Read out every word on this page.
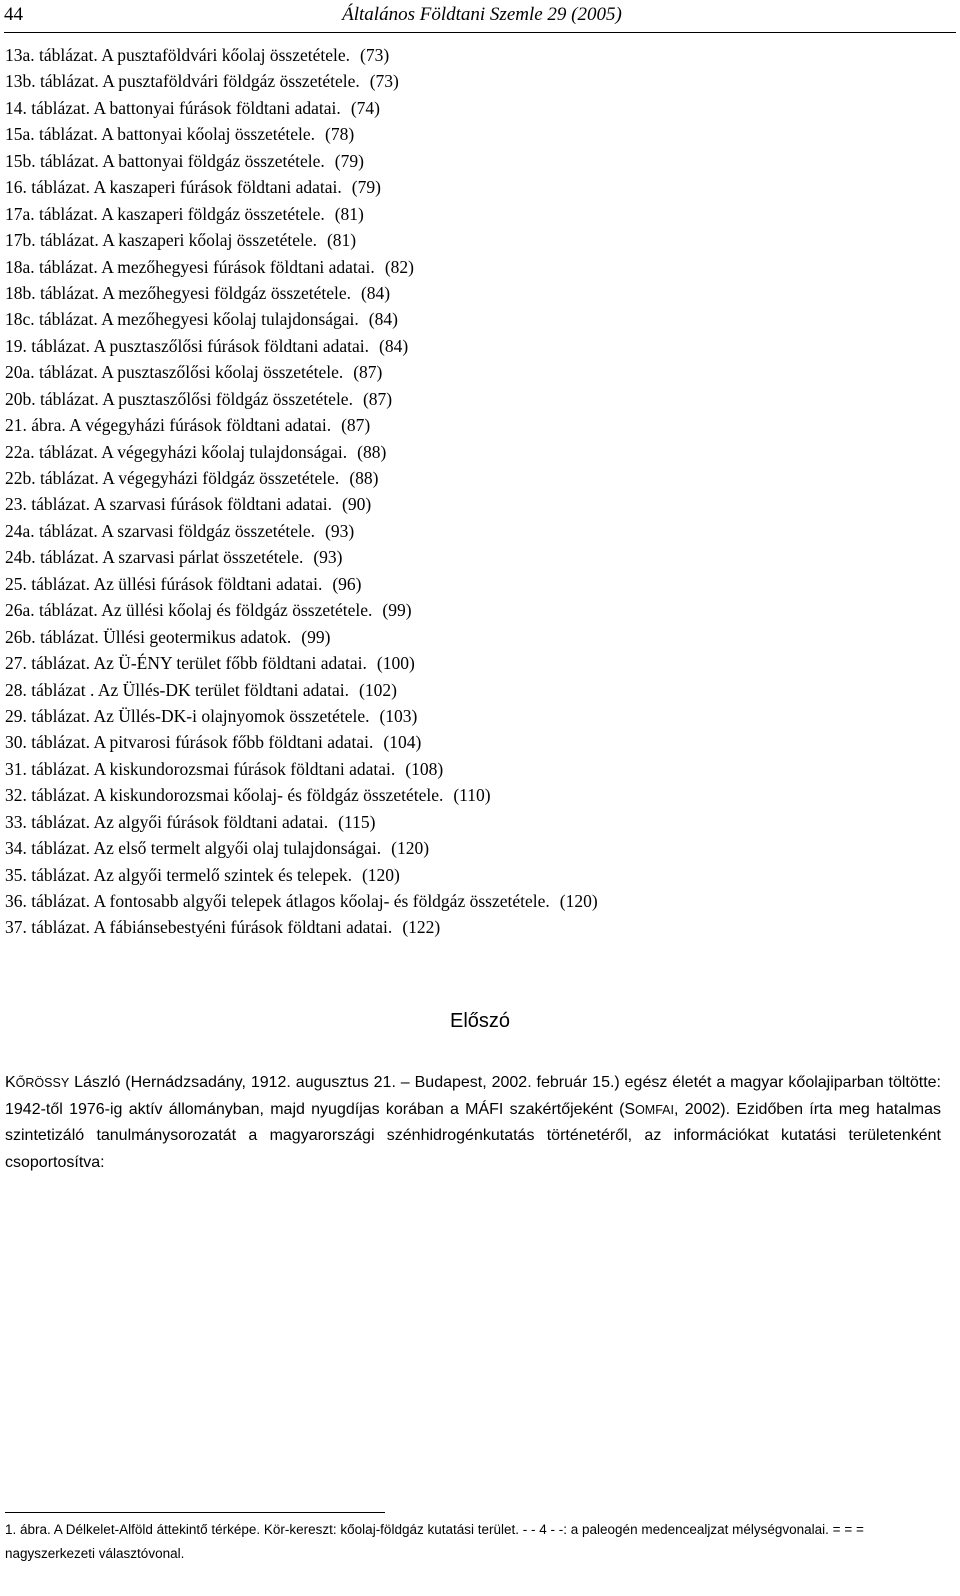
44	Általános Földtani Szemle 29 (2005)
13a. táblázat. A pusztaföldvári kőolaj összetétele. (73)
13b. táblázat. A pusztaföldvári földgáz összetétele. (73)
14. táblázat. A battonyai fúrások földtani adatai. (74)
15a. táblázat. A battonyai kőolaj összetétele. (78)
15b. táblázat. A battonyai földgáz összetétele. (79)
16. táblázat. A kaszaperi fúrások földtani adatai. (79)
17a. táblázat. A kaszaperi földgáz összetétele. (81)
17b. táblázat. A kaszaperi kőolaj összetétele. (81)
18a. táblázat. A mezőhegyesi fúrások földtani adatai. (82)
18b. táblázat. A mezőhegyesi földgáz összetétele. (84)
18c. táblázat. A mezőhegyesi kőolaj tulajdonságai. (84)
19. táblázat. A pusztaszőlősi fúrások földtani adatai. (84)
20a. táblázat. A pusztaszőlősi kőolaj összetétele. (87)
20b. táblázat. A pusztaszőlősi földgáz összetétele. (87)
21. ábra. A végegyházi fúrások földtani adatai. (87)
22a. táblázat. A végegyházi kőolaj tulajdonságai. (88)
22b. táblázat. A végegyházi földgáz összetétele. (88)
23. táblázat. A szarvasi fúrások földtani adatai. (90)
24a. táblázat. A szarvasi földgáz összetétele. (93)
24b. táblázat. A szarvasi párlat összetétele. (93)
25. táblázat. Az üllési fúrások földtani adatai. (96)
26a. táblázat. Az üllési kőolaj és földgáz összetétele. (99)
26b. táblázat. Üllési geotermikus adatok. (99)
27. táblázat. Az Ü-ÉNY terület főbb földtani adatai. (100)
28. táblázat . Az Üllés-DK terület földtani adatai. (102)
29. táblázat. Az Üllés-DK-i olajnyomok összetétele. (103)
30. táblázat. A pitvarosi fúrások főbb földtani adatai. (104)
31. táblázat. A kiskundorozsmai fúrások földtani adatai. (108)
32. táblázat. A kiskundorozsmai kőolaj- és földgáz összetétele. (110)
33. táblázat. Az algyői fúrások földtani adatai. (115)
34. táblázat. Az első termelt algyői olaj tulajdonságai. (120)
35. táblázat. Az algyői termelő szintek és telepek. (120)
36. táblázat. A fontosabb algyői telepek átlagos kőolaj- és földgáz összetétele. (120)
37. táblázat. A fábiánsebestyéni fúrások földtani adatai. (122)
Előszó

KŐRÖSSY László (Hernádzsadány, 1912. augusztus 21. – Budapest, 2002. február 15.) egész életét a magyar kőolajiparban töltötte: 1942-től 1976-ig aktív állományban, majd nyugdíjas korában a MÁFI szakértőjeként (SOMFAI, 2002). Ezidőben írta meg hatalmas szintetizáló tanulmánysorozatát a magyarországi szénhidrogénkutatás történetéről, az információkat kutatási területenként csoportosítva:

1. ábra. A Délkelet-Alföld áttekintő térképe. Kör-kereszt: kőolaj-földgáz kutatási terület. - - 4 - -: a paleogén medencealjzat mélységvonalai. = = = nagyszerkezeti választóvonal.
